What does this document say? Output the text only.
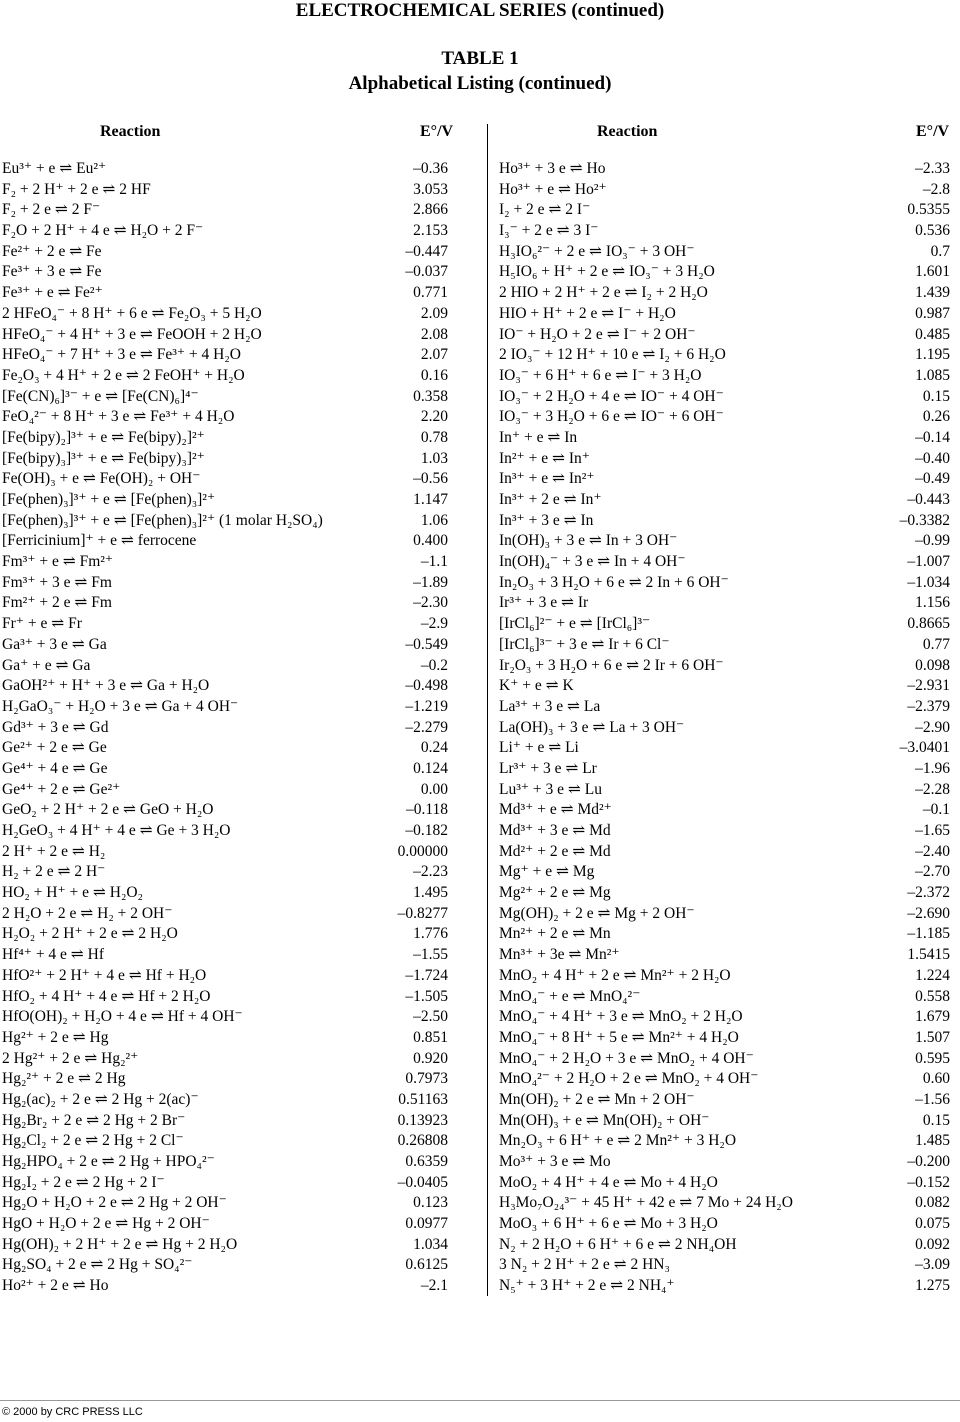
ELECTROCHEMICAL SERIES (continued)
TABLE 1
Alphabetical Listing (continued)
Reaction	E°/V	Reaction	E°/V
Eu³⁺ + e ⇌ Eu²⁺	–0.36
F₂ + 2 H⁺ + 2 e ⇌ 2 HF	3.053
F₂ + 2 e ⇌ 2 F⁻	2.866
F₂O + 2 H⁺ + 4 e ⇌ H₂O + 2 F⁻	2.153
Fe²⁺ + 2 e ⇌ Fe	–0.447
Fe³⁺ + 3 e ⇌ Fe	–0.037
Fe³⁺ + e ⇌ Fe²⁺	0.771
2 HFeO₄⁻ + 8 H⁺ + 6 e ⇌ Fe₂O₃ + 5 H₂O	2.09
HFeO₄⁻ + 4 H⁺ + 3 e ⇌ FeOOH + 2 H₂O	2.08
HFeO₄⁻ + 7 H⁺ + 3 e ⇌ Fe³⁺ + 4 H₂O	2.07
Fe₂O₃ + 4 H⁺ + 2 e ⇌ 2 FeOH⁺ + H₂O	0.16
[Fe(CN)₆]³⁻ + e ⇌ [Fe(CN)₆]⁴⁻	0.358
FeO₄²⁻ + 8 H⁺ + 3 e ⇌ Fe³⁺ + 4 H₂O	2.20
[Fe(bipy)₂]³⁺ + e ⇌ Fe(bipy)₂]²⁺	0.78
[Fe(bipy)₃]³⁺ + e ⇌ Fe(bipy)₃]²⁺	1.03
Fe(OH)₃ + e ⇌ Fe(OH)₂ + OH⁻	–0.56
[Fe(phen)₃]³⁺ + e ⇌ [Fe(phen)₃]²⁺	1.147
[Fe(phen)₃]³⁺ + e ⇌ [Fe(phen)₃]²⁺ (1 molar H₂SO₄)	1.06
[Ferricinium]⁺ + e ⇌ ferrocene	0.400
Fm³⁺ + e ⇌ Fm²⁺	–1.1
Fm³⁺ + 3 e ⇌ Fm	–1.89
Fm²⁺ + 2 e ⇌ Fm	–2.30
Fr⁺ + e ⇌ Fr	–2.9
Ga³⁺ + 3 e ⇌ Ga	–0.549
Ga⁺ + e ⇌ Ga	–0.2
GaOH²⁺ + H⁺ + 3 e ⇌ Ga + H₂O	–0.498
H₂GaO₃⁻ + H₂O + 3 e ⇌ Ga + 4 OH⁻	–1.219
Gd³⁺ + 3 e ⇌ Gd	–2.279
Ge²⁺ + 2 e ⇌ Ge	0.24
Ge⁴⁺ + 4 e ⇌ Ge	0.124
Ge⁴⁺ + 2 e ⇌ Ge²⁺	0.00
GeO₂ + 2 H⁺ + 2 e ⇌ GeO + H₂O	–0.118
H₂GeO₃ + 4 H⁺ + 4 e ⇌ Ge + 3 H₂O	–0.182
2 H⁺ + 2 e ⇌ H₂	0.00000
H₂ + 2 e ⇌ 2 H⁻	–2.23
HO₂ + H⁺ + e ⇌ H₂O₂	1.495
2 H₂O + 2 e ⇌ H₂ + 2 OH⁻	–0.8277
H₂O₂ + 2 H⁺ + 2 e ⇌ 2 H₂O	1.776
Hf⁴⁺ + 4 e ⇌ Hf	–1.55
HfO²⁺ + 2 H⁺ + 4 e ⇌ Hf + H₂O	–1.724
HfO₂ + 4 H⁺ + 4 e ⇌ Hf + 2 H₂O	–1.505
HfO(OH)₂ + H₂O + 4 e ⇌ Hf + 4 OH⁻	–2.50
Hg²⁺ + 2 e ⇌ Hg	0.851
2 Hg²⁺ + 2 e ⇌ Hg₂²⁺	0.920
Hg₂²⁺ + 2 e ⇌ 2 Hg	0.7973
Hg₂(ac)₂ + 2 e ⇌ 2 Hg + 2(ac)⁻	0.51163
Hg₂Br₂ + 2 e ⇌ 2 Hg + 2 Br⁻	0.13923
Hg₂Cl₂ + 2 e ⇌ 2 Hg + 2 Cl⁻	0.26808
Hg₂HPO₄ + 2 e ⇌ 2 Hg + HPO₄²⁻	0.6359
Hg₂I₂ + 2 e ⇌ 2 Hg + 2 I⁻	–0.0405
Hg₂O + H₂O + 2 e ⇌ 2 Hg + 2 OH⁻	0.123
HgO + H₂O + 2 e ⇌ Hg + 2 OH⁻	0.0977
Hg(OH)₂ + 2 H⁺ + 2 e ⇌ Hg + 2 H₂O	1.034
Hg₂SO₄ + 2 e ⇌ 2 Hg + SO₄²⁻	0.6125
Ho²⁺ + 2 e ⇌ Ho	–2.1
Ho³⁺ + 3 e ⇌ Ho	–2.33
Ho³⁺ + e ⇌ Ho²⁺	–2.8
I₂ + 2 e ⇌ 2 I⁻	0.5355
I₃⁻ + 2 e ⇌ 3 I⁻	0.536
H₃IO₆²⁻ + 2 e ⇌ IO₃⁻ + 3 OH⁻	0.7
H₅IO₆ + H⁺ + 2 e ⇌ IO₃⁻ + 3 H₂O	1.601
2 HIO + 2 H⁺ + 2 e ⇌ I₂ + 2 H₂O	1.439
HIO + H⁺ + 2 e ⇌ I⁻ + H₂O	0.987
IO⁻ + H₂O + 2 e ⇌ I⁻ + 2 OH⁻	0.485
2 IO₃⁻ + 12 H⁺ + 10 e ⇌ I₂ + 6 H₂O	1.195
IO₃⁻ + 6 H⁺ + 6 e ⇌ I⁻ + 3 H₂O	1.085
IO₃⁻ + 2 H₂O + 4 e ⇌ IO⁻ + 4 OH⁻	0.15
IO₃⁻ + 3 H₂O + 6 e ⇌ IO⁻ + 6 OH⁻	0.26
In⁺ + e ⇌ In	–0.14
In²⁺ + e ⇌ In⁺	–0.40
In³⁺ + e ⇌ In²⁺	–0.49
In³⁺ + 2 e ⇌ In⁺	–0.443
In³⁺ + 3 e ⇌ In	–0.3382
In(OH)₃ + 3 e ⇌ In + 3 OH⁻	–0.99
In(OH)₄⁻ + 3 e ⇌ In + 4 OH⁻	–1.007
In₂O₃ + 3 H₂O + 6 e ⇌ 2 In + 6 OH⁻	–1.034
Ir³⁺ + 3 e ⇌ Ir	1.156
[IrCl₆]²⁻ + e ⇌ [IrCl₆]³⁻	0.8665
[IrCl₆]³⁻ + 3 e ⇌ Ir + 6 Cl⁻	0.77
Ir₂O₃ + 3 H₂O + 6 e ⇌ 2 Ir + 6 OH⁻	0.098
K⁺ + e ⇌ K	–2.931
La³⁺ + 3 e ⇌ La	–2.379
La(OH)₃ + 3 e ⇌ La + 3 OH⁻	–2.90
Li⁺ + e ⇌ Li	–3.0401
Lr³⁺ + 3 e ⇌ Lr	–1.96
Lu³⁺ + 3 e ⇌ Lu	–2.28
Md³⁺ + e ⇌ Md²⁺	–0.1
Md³⁺ + 3 e ⇌ Md	–1.65
Md²⁺ + 2 e ⇌ Md	–2.40
Mg⁺ + e ⇌ Mg	–2.70
Mg²⁺ + 2 e ⇌ Mg	–2.372
Mg(OH)₂ + 2 e ⇌ Mg + 2 OH⁻	–2.690
Mn²⁺ + 2 e ⇌ Mn	–1.185
Mn³⁺ + 3e ⇌ Mn²⁺	1.5415
MnO₂ + 4 H⁺ + 2 e ⇌ Mn²⁺ + 2 H₂O	1.224
MnO₄⁻ + e ⇌ MnO₄²⁻	0.558
MnO₄⁻ + 4 H⁺ + 3 e ⇌ MnO₂ + 2 H₂O	1.679
MnO₄⁻ + 8 H⁺ + 5 e ⇌ Mn²⁺ + 4 H₂O	1.507
MnO₄⁻ + 2 H₂O + 3 e ⇌ MnO₂ + 4 OH⁻	0.595
MnO₄²⁻ + 2 H₂O + 2 e ⇌ MnO₂ + 4 OH⁻	0.60
Mn(OH)₂ + 2 e ⇌ Mn + 2 OH⁻	–1.56
Mn(OH)₃ + e ⇌ Mn(OH)₂ + OH⁻	0.15
Mn₂O₃ + 6 H⁺ + e ⇌ 2 Mn²⁺ + 3 H₂O	1.485
Mo³⁺ + 3 e ⇌ Mo	–0.200
MoO₂ + 4 H⁺ + 4 e ⇌ Mo + 4 H₂O	–0.152
H₃Mo₇O₂₄³⁻ + 45 H⁺ + 42 e ⇌ 7 Mo + 24 H₂O	0.082
MoO₃ + 6 H⁺ + 6 e ⇌ Mo + 3 H₂O	0.075
N₂ + 2 H₂O + 6 H⁺ + 6 e ⇌ 2 NH₄OH	0.092
3 N₂ + 2 H⁺ + 2 e ⇌ 2 HN₃	–3.09
N₅⁺ + 3 H⁺ + 2 e ⇌ 2 NH₄⁺	1.275
© 2000 by CRC PRESS LLC
